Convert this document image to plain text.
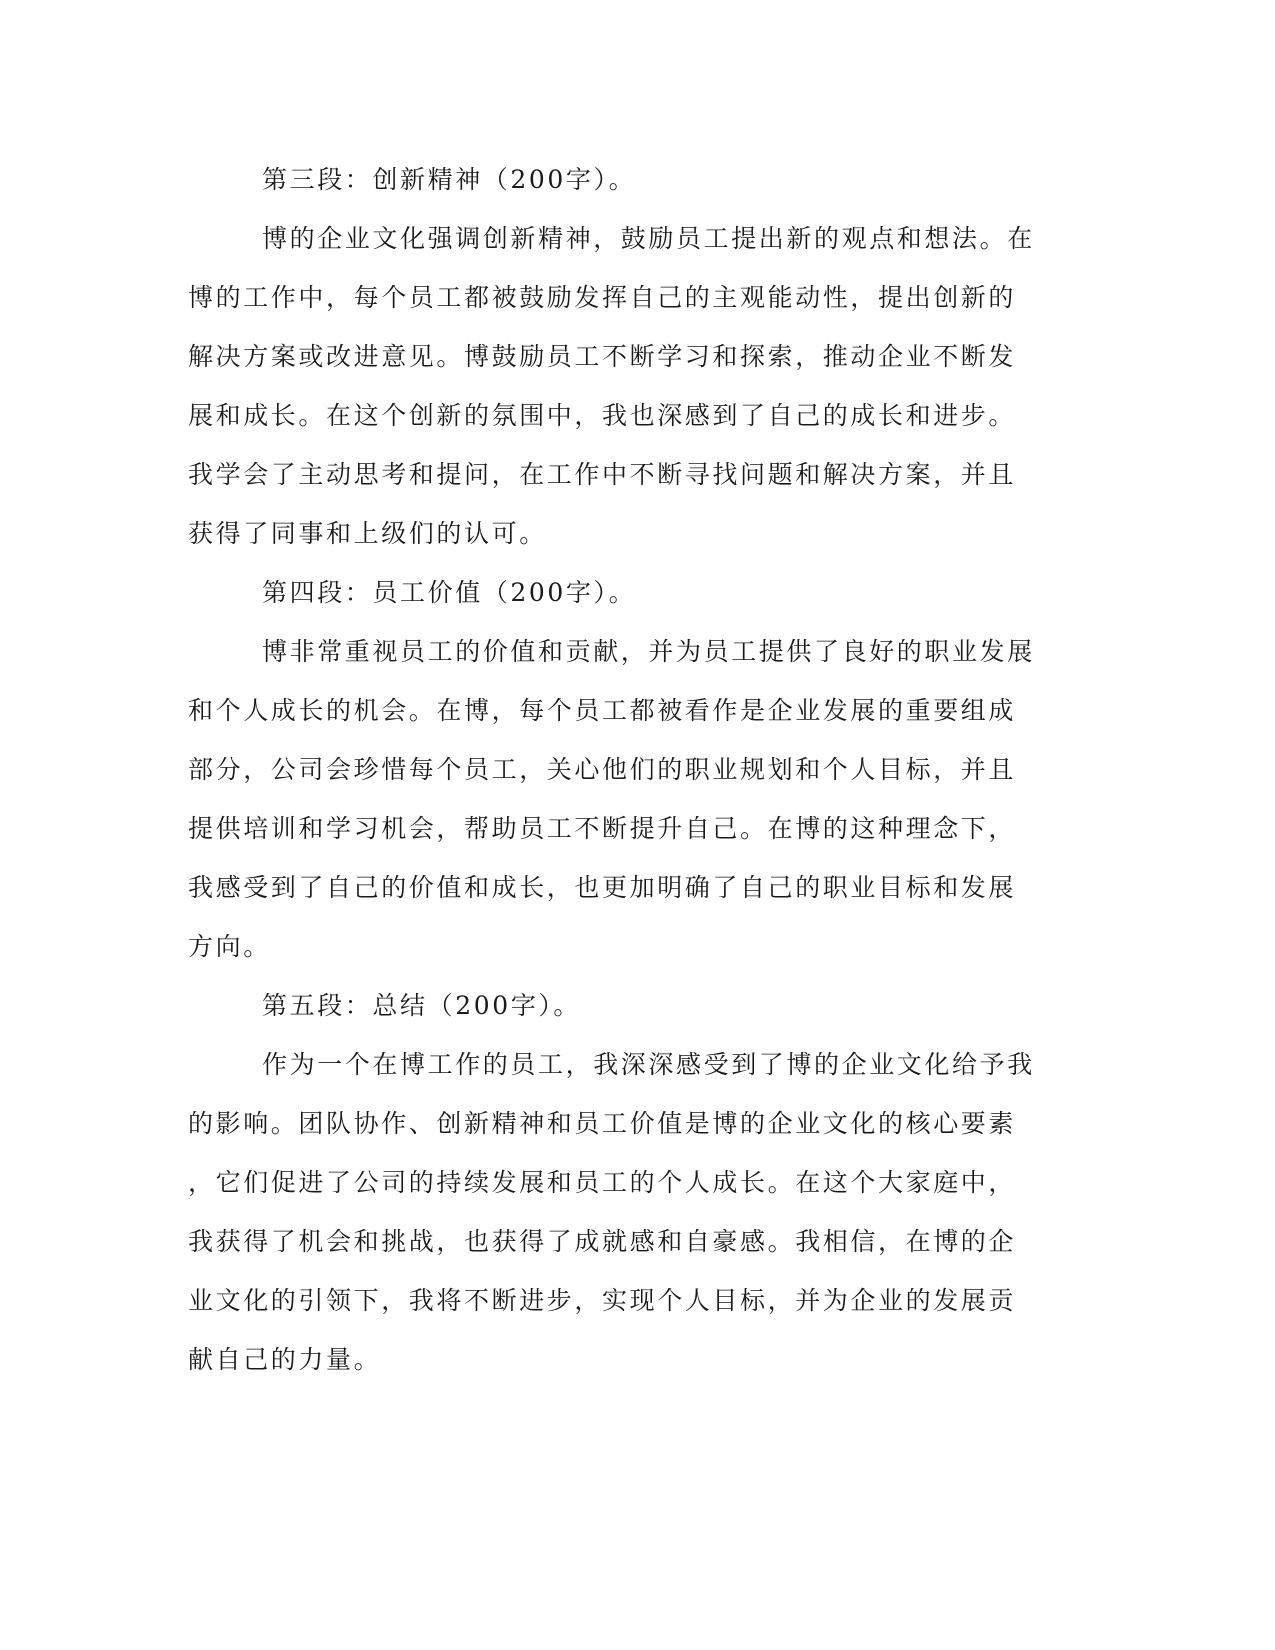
第三段：创新精神（200字）。
博的企业文化强调创新精神，鼓励员工提出新的观点和想法。在
博的工作中，每个员工都被鼓励发挥自己的主观能动性，提出创新的
解决方案或改进意见。博鼓励员工不断学习和探索，推动企业不断发
展和成长。在这个创新的氛围中，我也深感到了自己的成长和进步。
我学会了主动思考和提问，在工作中不断寻找问题和解决方案，并且
获得了同事和上级们的认可。
第四段：员工价值（200字）。
博非常重视员工的价值和贡献，并为员工提供了良好的职业发展
和个人成长的机会。在博，每个员工都被看作是企业发展的重要组成
部分，公司会珍惜每个员工，关心他们的职业规划和个人目标，并且
提供培训和学习机会，帮助员工不断提升自己。在博的这种理念下，
我感受到了自己的价值和成长，也更加明确了自己的职业目标和发展
方向。
第五段：总结（200字）。
作为一个在博工作的员工，我深深感受到了博的企业文化给予我
的影响。团队协作、创新精神和员工价值是博的企业文化的核心要素
，它们促进了公司的持续发展和员工的个人成长。在这个大家庭中，
我获得了机会和挑战，也获得了成就感和自豪感。我相信，在博的企
业文化的引领下，我将不断进步，实现个人目标，并为企业的发展贡
献自己的力量。
